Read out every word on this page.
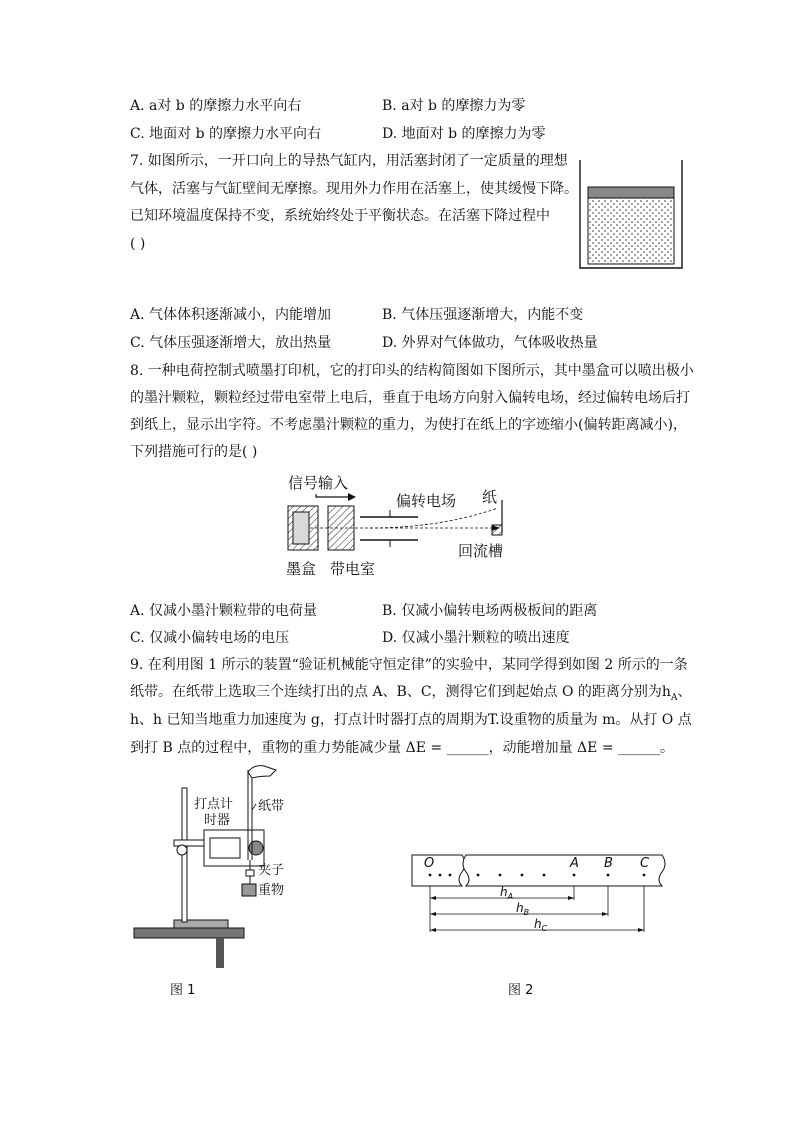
A. a对 b 的摩擦力水平向右	B. a对 b 的摩擦力为零
C. 地面对 b 的摩擦力水平向右	D. 地面对 b 的摩擦力为零
7. 如图所示，一开口向上的导热气缸内，用活塞封闭了一定质量的理想
气体，活塞与气缸壁间无摩擦。现用外力作用在活塞上，使其缓慢下降。
已知环境温度保持不变，系统始终处于平衡状态。在活塞下降过程中
( )
A. 气体体积逐渐减小，内能增加	B. 气体压强逐渐增大，内能不变
C. 气体压强逐渐增大，放出热量	D. 外界对气体做功，气体吸收热量
8. 一种电荷控制式喷墨打印机，它的打印头的结构简图如下图所示，其中墨盒可以喷出极小
的墨汁颗粒，颗粒经过带电室带上电后，垂直于电场方向射入偏转电场，经过偏转电场后打
到纸上，显示出字符。不考虑墨汁颗粒的重力，为使打在纸上的字迹缩小(偏转距离减小)，
下列措施可行的是( )
信号输入
偏转电场 纸
回流槽
墨盒 带电室
A. 仅减小墨汁颗粒带的电荷量	B. 仅减小偏转电场两极板间的距离
C. 仅减小偏转电场的电压	D. 仅减小墨汁颗粒的喷出速度
9. 在利用图 1 所示的装置“验证机械能守恒定律”的实验中，某同学得到如图 2 所示的一条
纸带。在纸带上选取三个连续打出的点 A、B、C，测得它们到起始点 O 的距离分别为$h_A$、
h、h 已知当地重力加速度为 g，打点计时器打点的周期为T.设重物的质量为 m。从打 O 点
到打 B 点的过程中，重物的重力势能减少量 ΔE = ______，动能增加量 ΔE = ______。
打点计
时器
纸带
夹子
重物
图 1
O	A B C
$h_A$
$h_B$
$h_C$
图 2
